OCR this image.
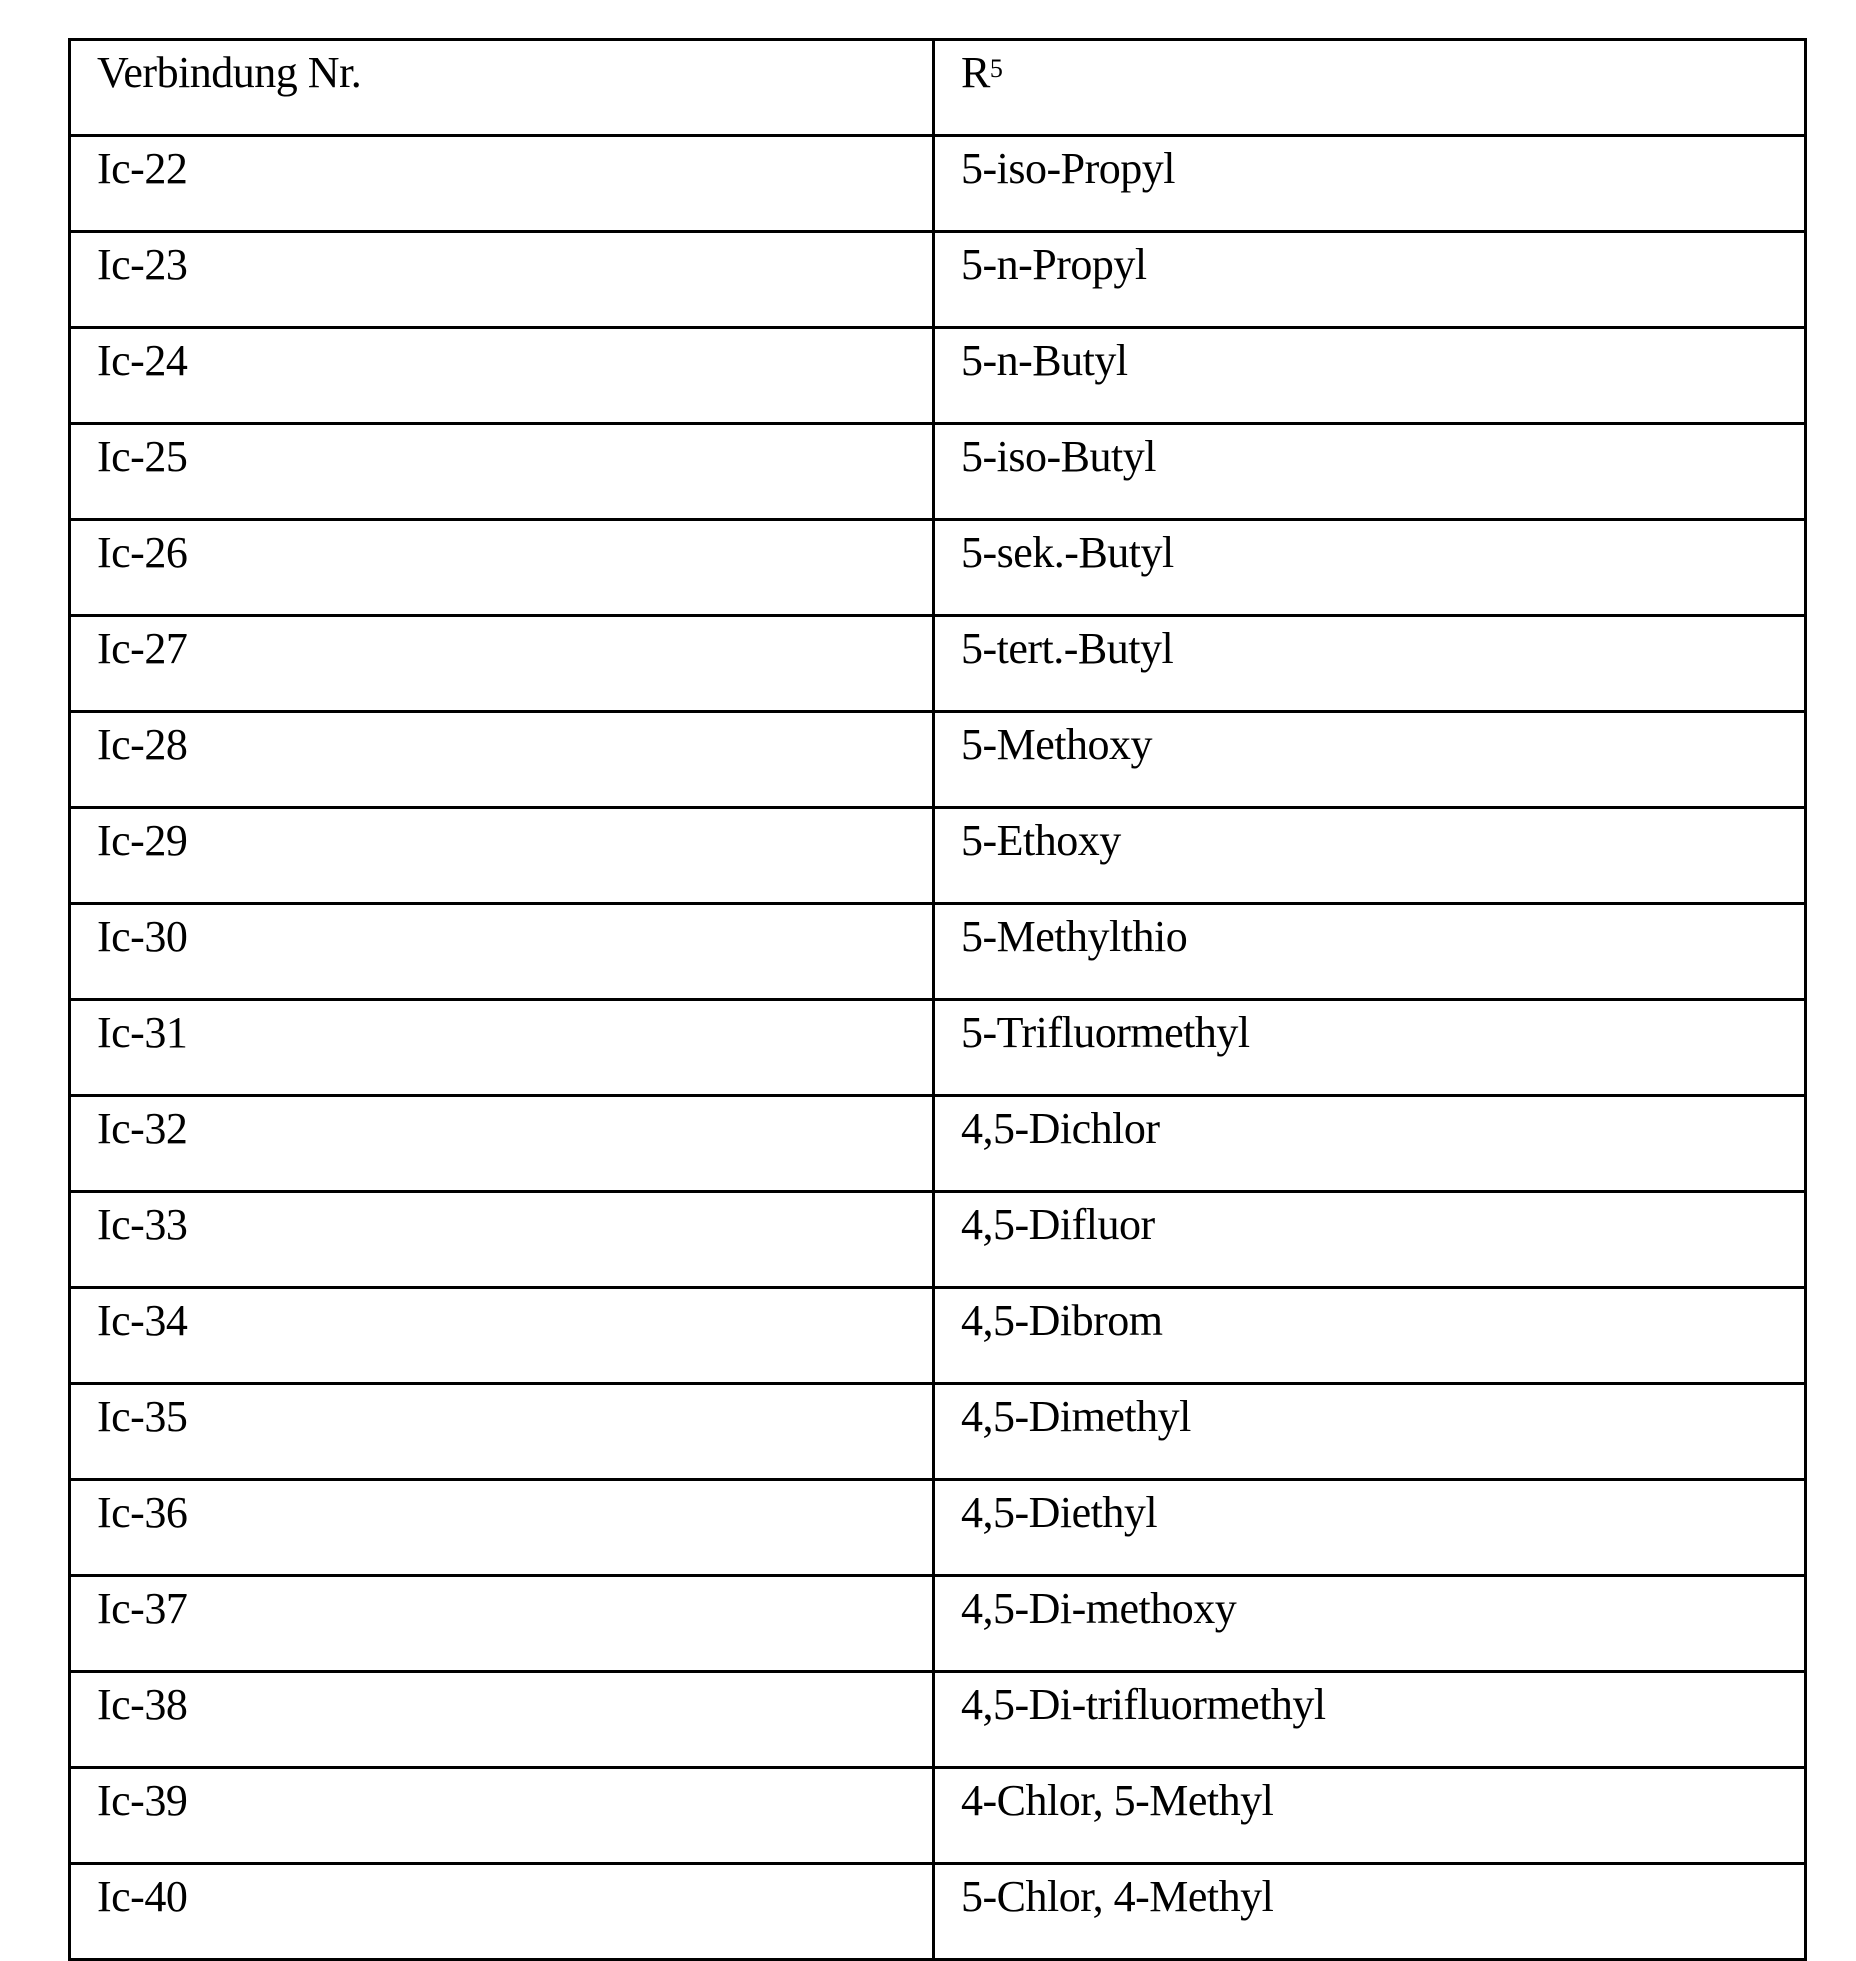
Verbindung Nr.	$R^5$
Ic-22	5-iso-Propyl
Ic-23	5-n-Propyl
Ic-24	5-n-Butyl
Ic-25	5-iso-Butyl
Ic-26	5-sek.-Butyl
Ic-27	5-tert.-Butyl
Ic-28	5-Methoxy
Ic-29	5-Ethoxy
Ic-30	5-Methylthio
Ic-31	5-Trifluormethyl
Ic-32	4,5-Dichlor
Ic-33	4,5-Difluor
Ic-34	4,5-Dibrom
Ic-35	4,5-Dimethyl
Ic-36	4,5-Diethyl
Ic-37	4,5-Di-methoxy
Ic-38	4,5-Di-trifluormethyl
Ic-39	4-Chlor, 5-Methyl
Ic-40	5-Chlor, 4-Methyl
